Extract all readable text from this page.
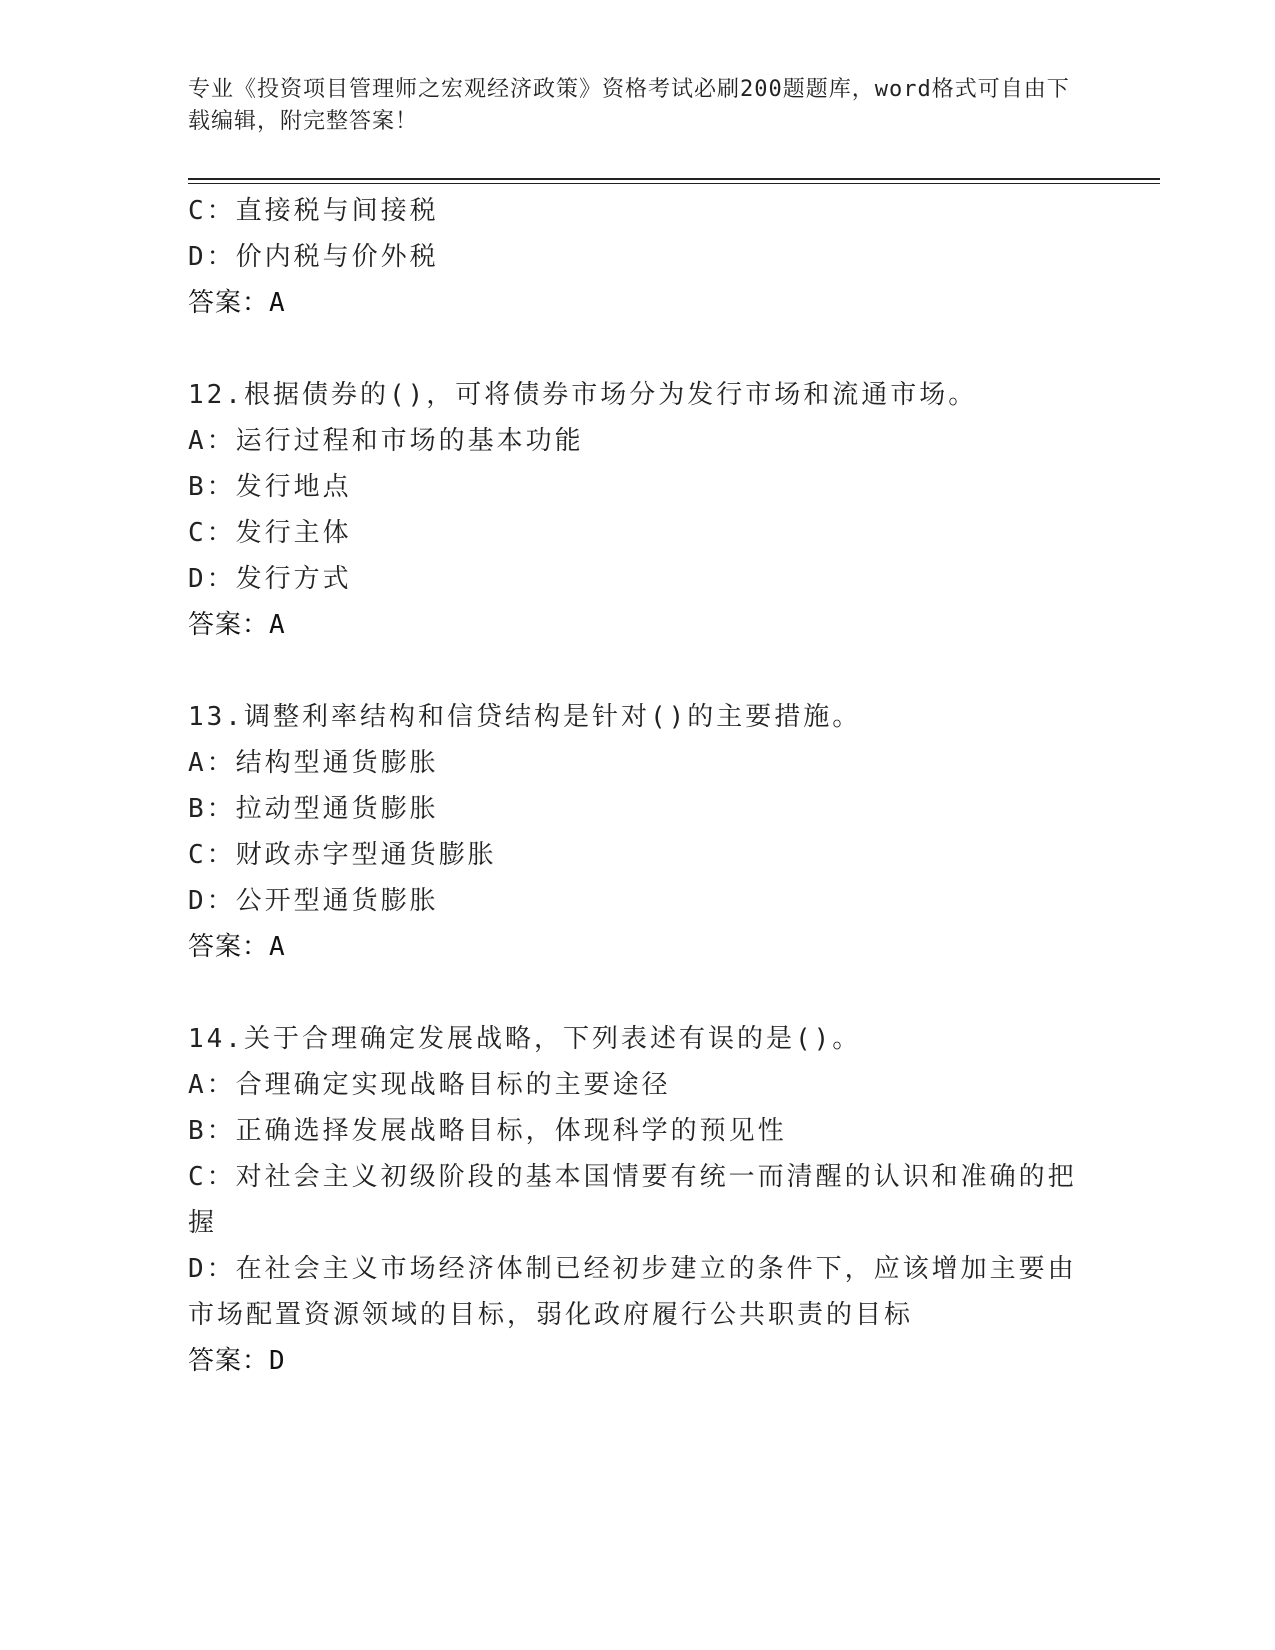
专业《投资项目管理师之宏观经济政策》资格考试必刷200题题库，word格式可自由下载编辑，附完整答案！
C：直接税与间接税
D：价内税与价外税
答案：A
12.根据债券的()，可将债券市场分为发行市场和流通市场。
A：运行过程和市场的基本功能
B：发行地点
C：发行主体
D：发行方式
答案：A
13.调整利率结构和信贷结构是针对()的主要措施。
A：结构型通货膨胀
B：拉动型通货膨胀
C：财政赤字型通货膨胀
D：公开型通货膨胀
答案：A
14.关于合理确定发展战略，下列表述有误的是()。
A：合理确定实现战略目标的主要途径
B：正确选择发展战略目标，体现科学的预见性
C：对社会主义初级阶段的基本国情要有统一而清醒的认识和准确的把握
D：在社会主义市场经济体制已经初步建立的条件下，应该增加主要由市场配置资源领域的目标，弱化政府履行公共职责的目标
答案：D
